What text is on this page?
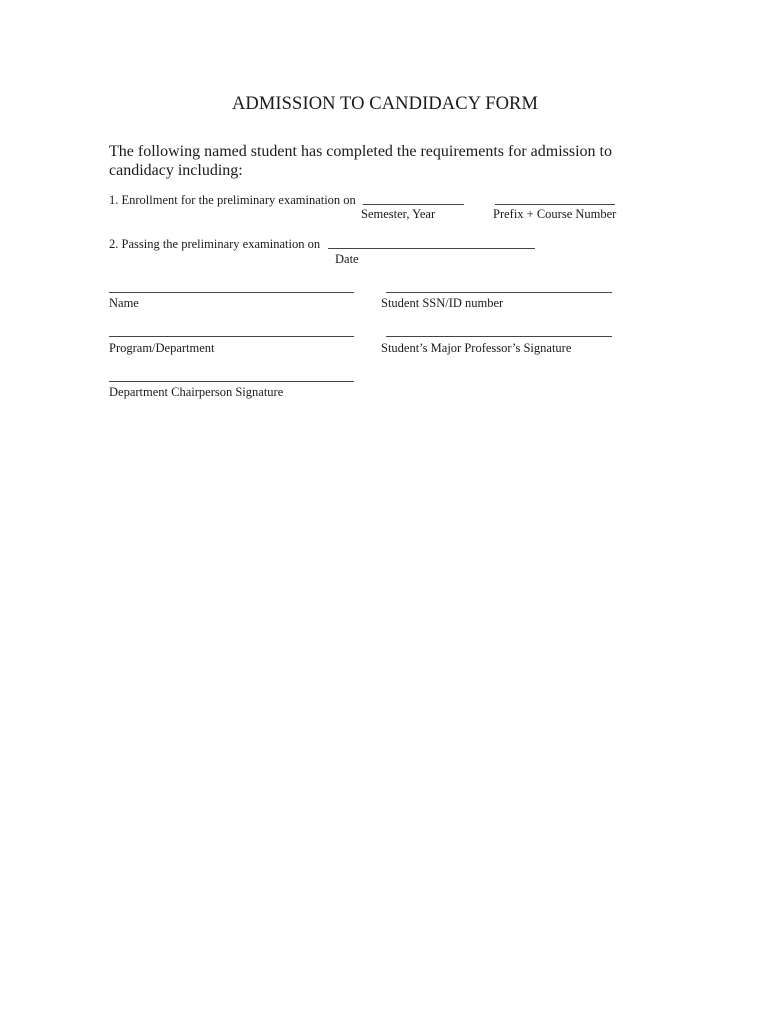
ADMISSION TO CANDIDACY FORM
The following named student has completed the requirements for admission to candidacy including:
1. Enrollment for the preliminary examination on
Semester, Year	Prefix + Course Number
2. Passing the preliminary examination on
Date
Name	Student SSN/ID number
Program/Department	Student’s Major Professor’s Signature
Department Chairperson Signature
